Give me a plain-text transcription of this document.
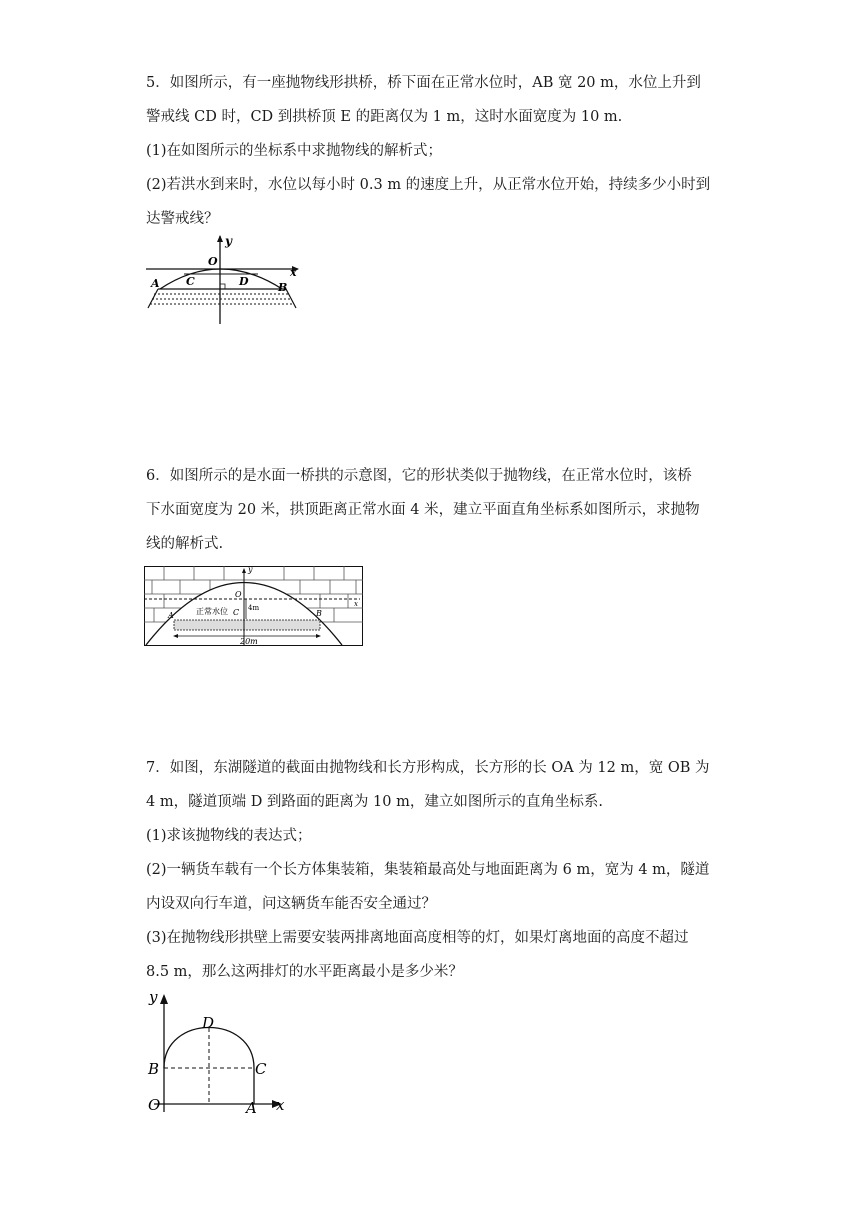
5．如图所示，有一座抛物线形拱桥，桥下面在正常水位时，AB 宽 20 m，水位上升到
警戒线 CD 时，CD 到拱桥顶 E 的距离仅为 1 m，这时水面宽度为 10 m.
(1)在如图所示的坐标系中求抛物线的解析式；
(2)若洪水到来时，水位以每小时 0.3 m 的速度上升，从正常水位开始，持续多少小时到
达警戒线？
y
O
A C	D	B
x
6．如图所示的是水面一桥拱的示意图，它的形状类似于抛物线，在正常水位时，该桥
下水面宽度为 20 米，拱顶距离正常水面 4 米，建立平面直角坐标系如图所示，求抛物
线的解析式.
y
O
4m
正常水位 C
A	B
20m
x
7．如图，东湖隧道的截面由抛物线和长方形构成，长方形的长 OA 为 12 m，宽 OB 为
4 m，隧道顶端 D 到路面的距离为 10 m，建立如图所示的直角坐标系.
(1)求该抛物线的表达式；
(2)一辆货车载有一个长方体集装箱，集装箱最高处与地面距离为 6 m，宽为 4 m，隧道
内设双向行车道，问这辆货车能否安全通过？
(3)在抛物线形拱壁上需要安装两排离地面高度相等的灯，如果灯离地面的高度不超过
8.5 m，那么这两排灯的水平距离最小是多少米？
y
D
B	C
O	A x
